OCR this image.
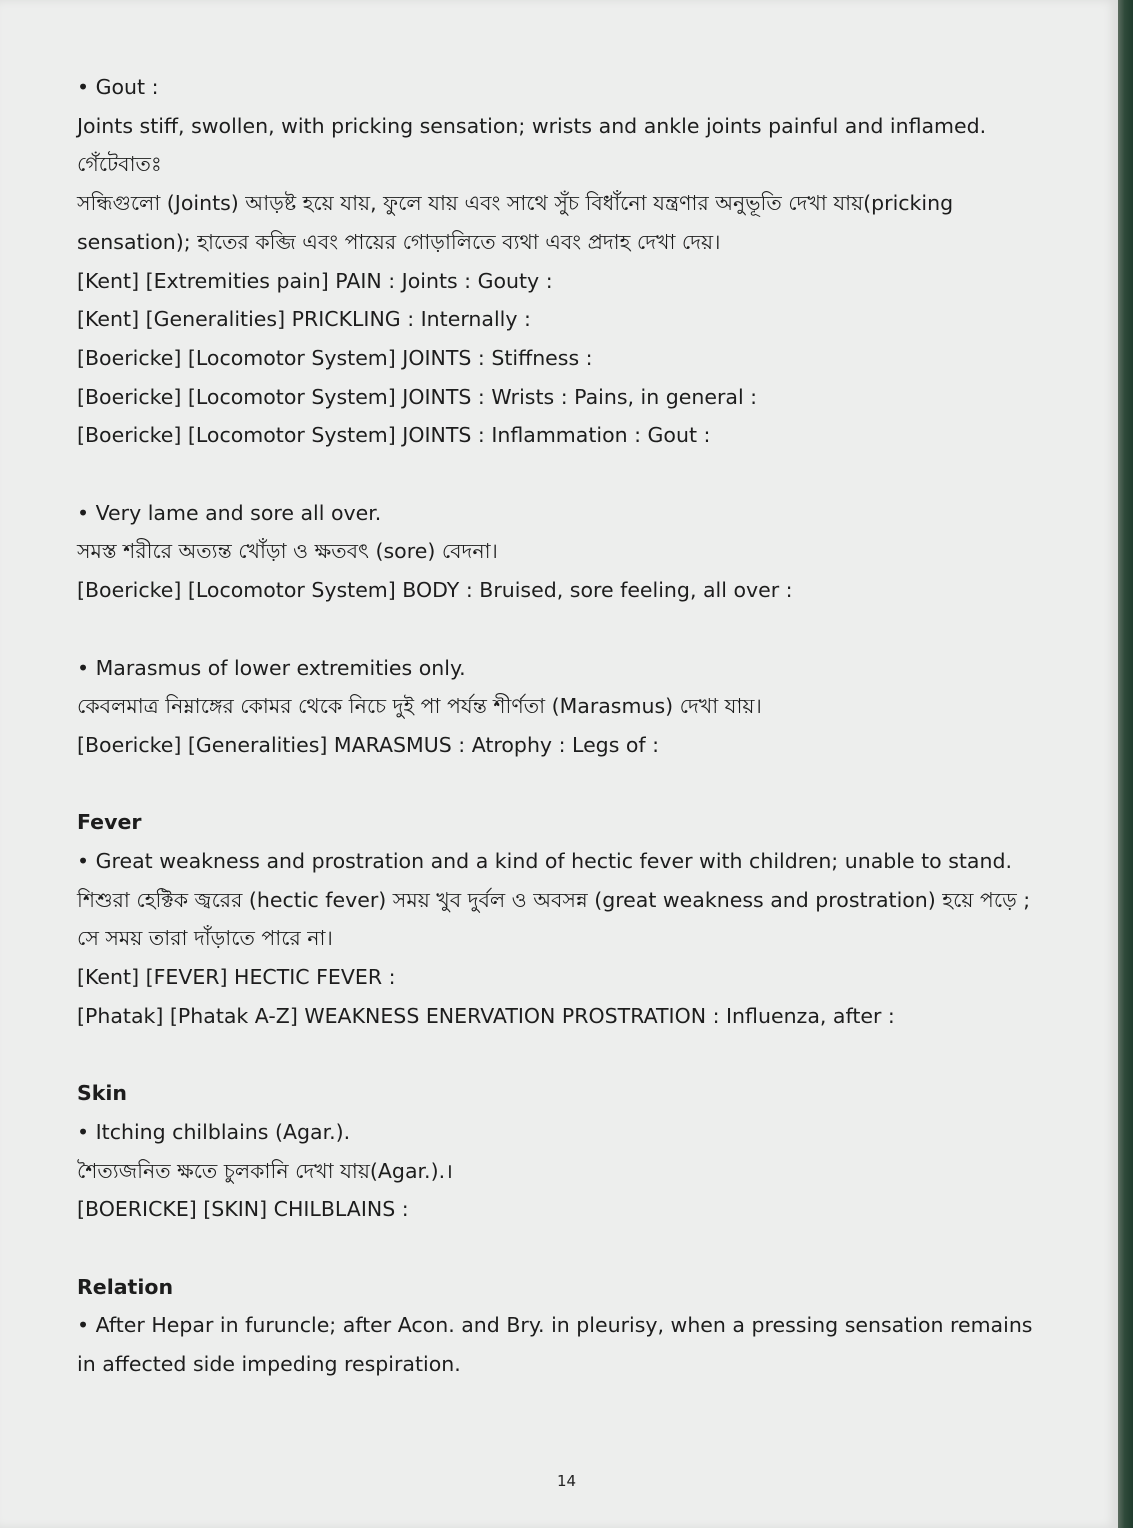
• Gout :
Joints stiff, swollen, with pricking sensation; wrists and ankle joints painful and inflamed.
গেঁটেবাতঃ
সন্ধিগুলো (Joints) আড়ষ্ট হয়ে যায়, ফুলে যায় এবং সাথে সুঁচ বিধাঁনো যন্ত্রণার অনুভূতি দেখা যায়(pricking
sensation); হাতের কব্জি এবং পায়ের গোড়ালিতে ব্যথা এবং প্রদাহ দেখা দেয়।
[Kent] [Extremities pain] PAIN : Joints : Gouty :
[Kent] [Generalities] PRICKLING : Internally :
[Boericke] [Locomotor System] JOINTS : Stiffness :
[Boericke] [Locomotor System] JOINTS : Wrists : Pains, in general :
[Boericke] [Locomotor System] JOINTS : Inflammation : Gout :
• Very lame and sore all over.
সমস্ত শরীরে অত্যন্ত খোঁড়া ও ক্ষতবৎ (sore) বেদনা।
[Boericke] [Locomotor System] BODY : Bruised, sore feeling, all over :
• Marasmus of lower extremities only.
কেবলমাত্র নিম্নাঙ্গের কোমর থেকে নিচে দুই পা পর্যন্ত শীর্ণতা (Marasmus) দেখা যায়।
[Boericke] [Generalities] MARASMUS : Atrophy : Legs of :
Fever
• Great weakness and prostration and a kind of hectic fever with children; unable to stand.
শিশুরা হেক্টিক জ্বরের (hectic fever) সময় খুব দুর্বল ও অবসন্ন (great weakness and prostration) হয়ে পড়ে ;
সে সময় তারা দাঁড়াতে পারে না।
[Kent] [FEVER] HECTIC FEVER :
[Phatak] [Phatak A-Z] WEAKNESS ENERVATION PROSTRATION : Influenza, after :
Skin
• Itching chilblains (Agar.).
শৈত্যজনিত ক্ষতে চুলকানি দেখা যায়(Agar.).।
[BOERICKE] [SKIN] CHILBLAINS :
Relation
• After Hepar in furuncle; after Acon. and Bry. in pleurisy, when a pressing sensation remains
in affected side impeding respiration.
14
